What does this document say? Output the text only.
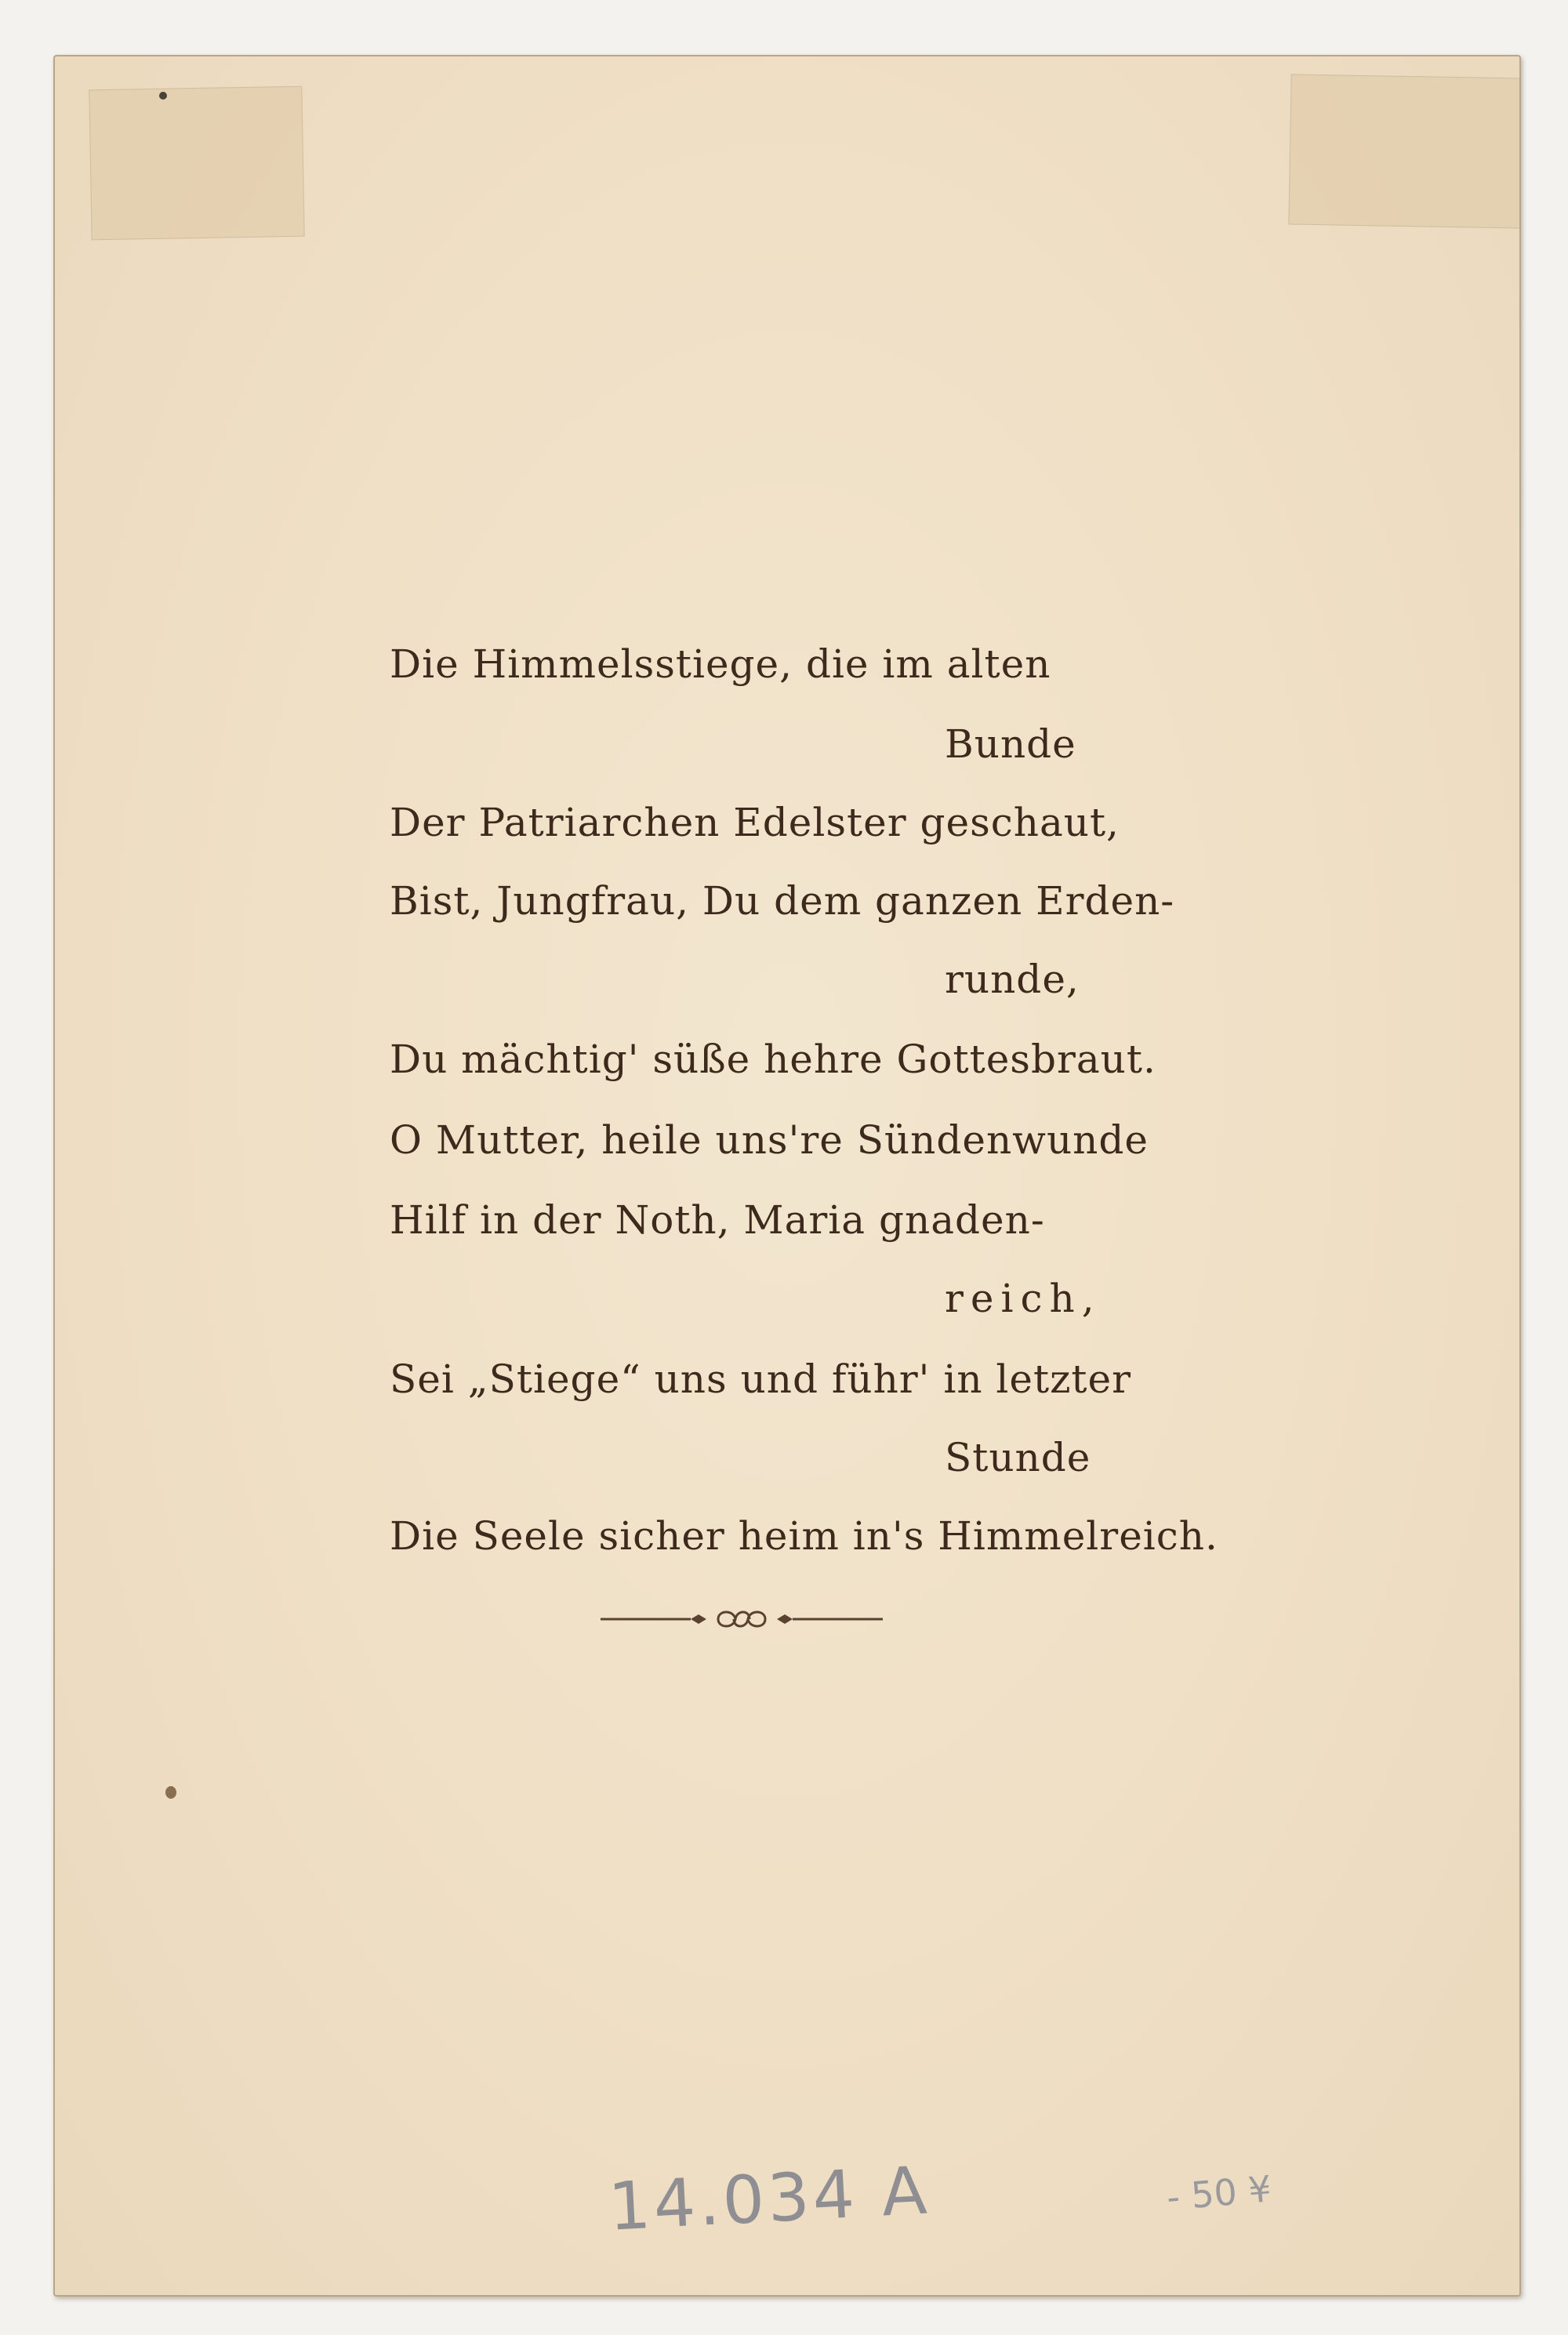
Die Himmelsstiege, die im alten
Bunde
Der Patriarchen Edelster geschaut,
Bist, Jungfrau, Du dem ganzen Erden-
runde,
Du mächtig' süße hehre Gottesbraut.
O Mutter, heile uns're Sündenwunde
Hilf in der Noth, Maria gnaden-
reich,
Sei „Stiege“ uns und führ' in letzter
Stunde
Die Seele sicher heim in's Himmelreich.
14.034 A	- 50 ¥
